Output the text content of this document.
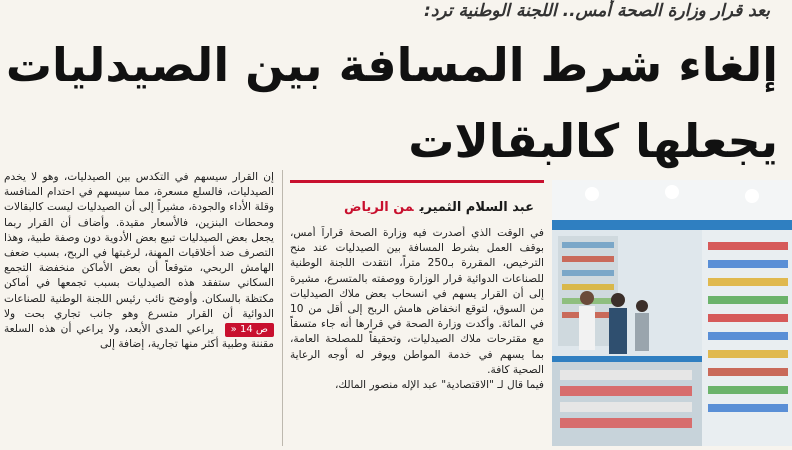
بعد قرار وزارة الصحة أمس.. اللجنة الوطنية ترد:
إلغاء شرط المسافة بين الصيدليات
يجعلها كالبقالات
عبد السلام الثميريمن الرياض

في الوقت الذي أصدرت فيه وزارة الصحة قراراً أمس، بوقف العمل بشرط المسافة بين الصيدليات عند منح الترخيص، المقررة بـ250 متراً، انتقدت اللجنة الوطنية للصناعات الدوائية قرار الوزارة ووصفته بالمتسرع، مشيرة إلى أن القرار يسهم في انسحاب بعض ملاك الصيدليات من السوق، لتوقع انخفاض هامش الربح إلى أقل من 10 في المائة. وأكدت وزارة الصحة في قرارها أنه جاء متسقاً مع مقترحات ملاك الصيدليات، وتحقيقاً للمصلحة العامة، بما يسهم في خدمة المواطن ويوفر له أوجه الرعاية الصحية كافة.

فيما قال لـ "الاقتصادية" عبد الإله منصور المالك،

إن القرار سيسهم في التكدس بين الصيدليات، وهو لا يخدم الصيدليات، فالسلع مسعرة، مما سيسهم في احتدام المنافسة وقلة الأداء والجودة، مشيراً إلى أن الصيدليات ليست كالبقالات ومحطات البنزين، فالأسعار مقيدة. وأضاف أن القرار ربما يجعل بعض الصيدليات تبيع بعض الأدوية دون وصفة طبية، وهذا التصرف ضد أخلاقيات المهنة، لرغبتها في الربح، بسبب ضعف الهامش الربحي، متوقعاً أن بعض الأماكن منخفضة التجمع السكاني ستفقد هذه الصيدليات بسبب تجمعها في أماكن مكتظة بالسكان. وأوضح نائب رئيس اللجنة الوطنية للصناعات الدوائية أن القرار متسرع وهو جانب تجاري بحت ولا ص 14 « يراعي المدى الأبعد، ولا يراعي أن هذه السلعة مقننة وطبية أكثر منها تجارية، إضافة إلى
